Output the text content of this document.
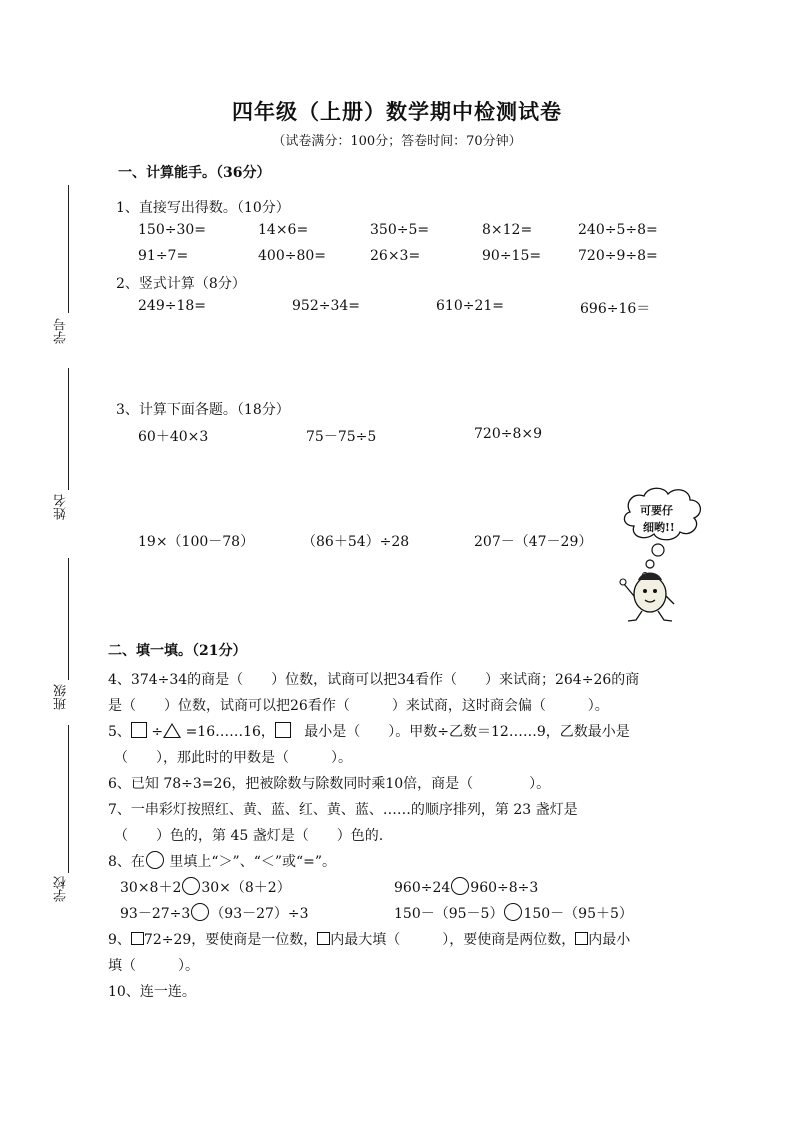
四年级（上册）数学期中检测试卷
（试卷满分：100分；答卷时间：70分钟）
学号
姓名
班级
学校
一、计算能手。（36分）
1、直接写出得数。（10分）
150÷30=	14×6=	350÷5=	8×12=	240÷5÷8=
91÷7=	400÷80=	26×3=	90÷15=	720÷9÷8=
2、竖式计算（8分）
249÷18=	952÷34=	610÷21=	696÷16＝
3、计算下面各题。（18分）
60＋40×3	75－75÷5	720÷8×9
19×（100－78）	（86＋54）÷28	207－（47－29）
可要仔
细哟!!
二、填一填。（21分）
4、374÷34的商是（　　）位数，试商可以把34看作（　　）来试商；264÷26的商
是（　　）位数，试商可以把26看作（　　　）来试商，这时商会偏（　　　）。
5、 ÷ =16……16， 最小是（　　）。甲数÷乙数＝12……9，乙数最小是
（　　），那此时的甲数是（　　　）。
6、已知 78÷3=26，把被除数与除数同时乘10倍，商是（　　　　）。
7、一串彩灯按照红、黄、蓝、红、黄、蓝、……的顺序排列，第 23 盏灯是
（　　）色的，第 45 盏灯是（　　）色的.
8、在 里填上“＞”、“＜”或“=”。
30×8＋2 30×（8＋2）	960÷24 960÷8÷3
93－27÷3 （93－27）÷3	150－（95－5） 150－（95＋5）
9、 72÷29，要使商是一位数， 内最大填（　　　），要使商是两位数， 内最小
填（　　　）。
10、连一连。
